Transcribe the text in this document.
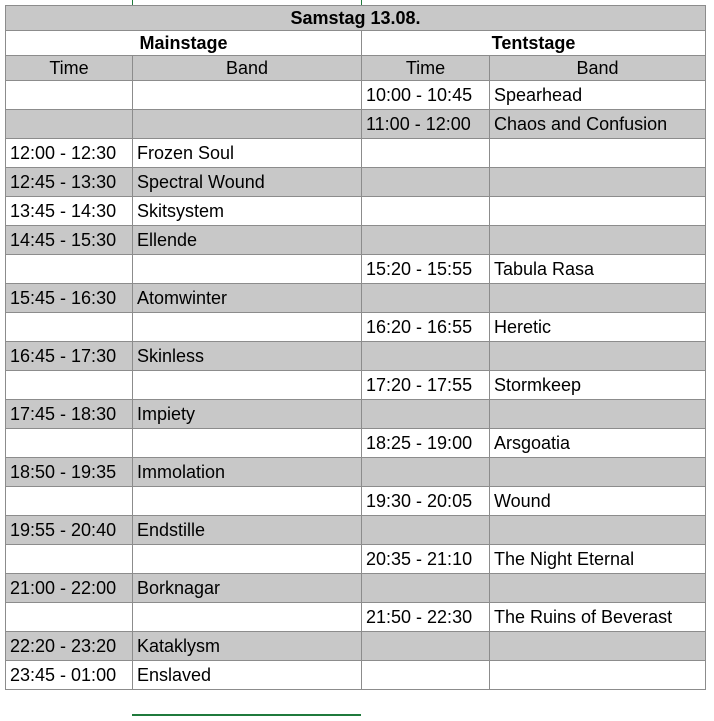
Samstag 13.08.			
Mainstage		Tentstage	
Time	Band	Time	Band
		10:00 - 10:45	Spearhead
		11:00 - 12:00	Chaos and Confusion
12:00 - 12:30	Frozen Soul		
12:45 - 13:30	Spectral Wound		
13:45 - 14:30	Skitsystem		
14:45 - 15:30	Ellende		
		15:20 - 15:55	Tabula Rasa
15:45 - 16:30	Atomwinter		
		16:20 - 16:55	Heretic
16:45 - 17:30	Skinless		
		17:20 - 17:55	Stormkeep
17:45 - 18:30	Impiety		
		18:25 - 19:00	Arsgoatia
18:50 - 19:35	Immolation		
		19:30 - 20:05	Wound
19:55 - 20:40	Endstille		
		20:35 - 21:10	The Night Eternal
21:00 - 22:00	Borknagar		
		21:50 - 22:30	The Ruins of Beverast
22:20 - 23:20	Kataklysm		
23:45 - 01:00	Enslaved		
